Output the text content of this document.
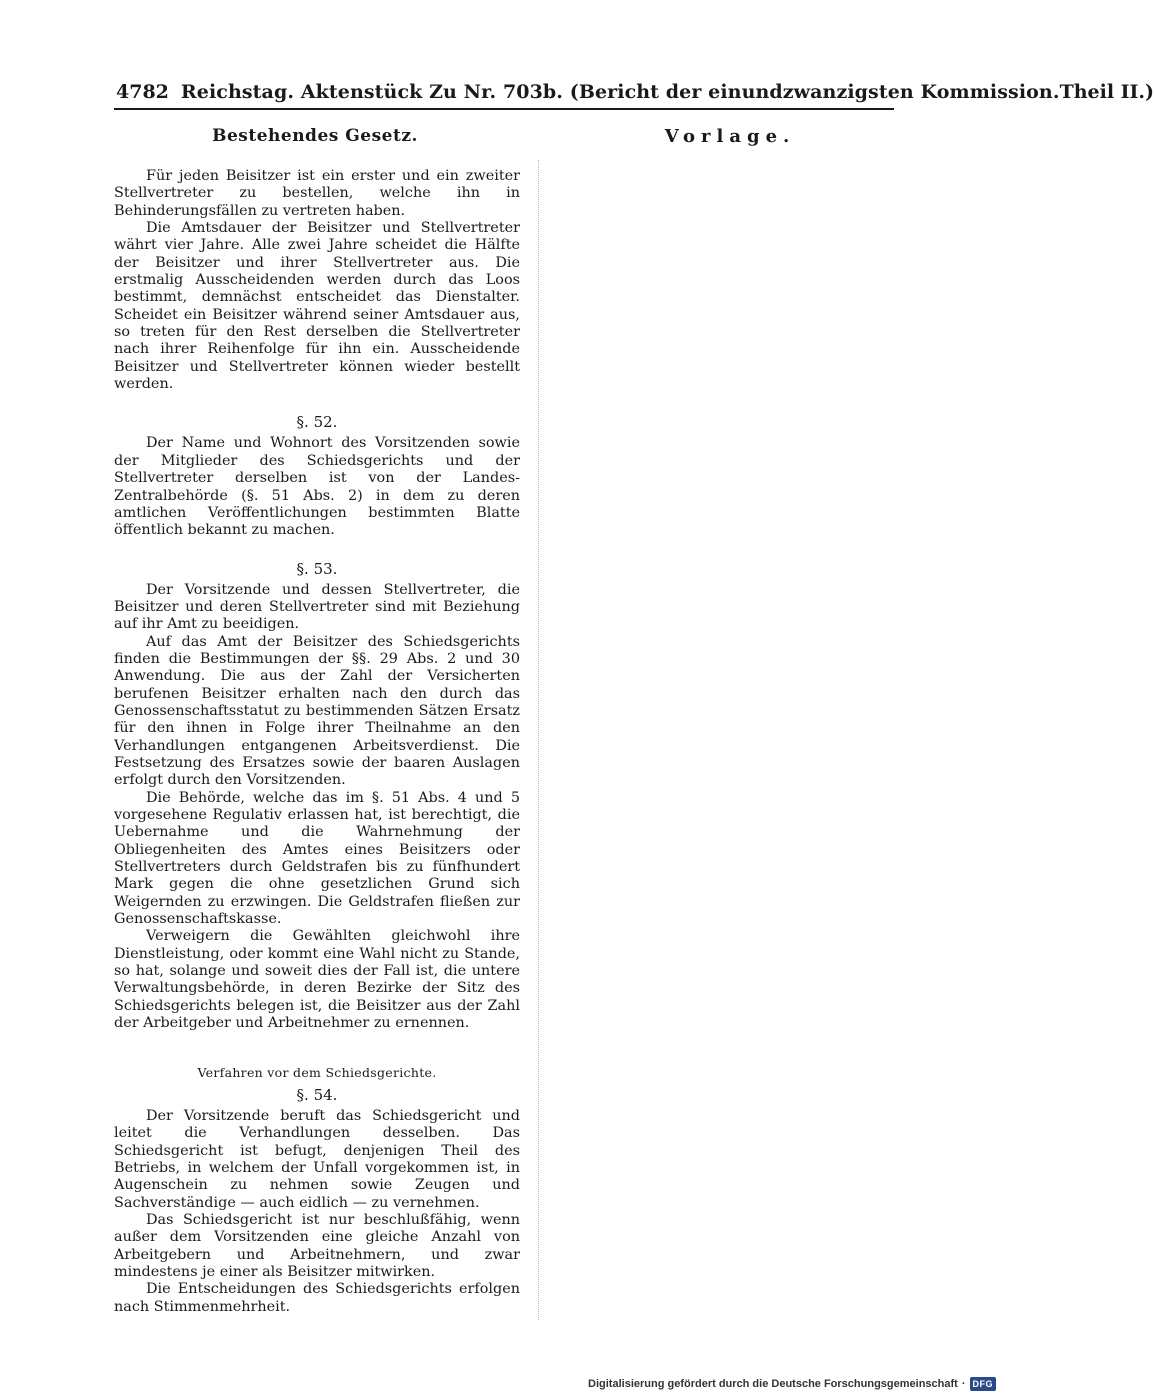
4782 Reichstag. Aktenstück Zu Nr. 703b. (Bericht der einundzwanzigsten Kommission. Theil II.)
Bestehendes Gesetz.	Vorlage.

Für jeden Beisitzer ist ein erster und ein zweiter Stellvertreter zu bestellen, welche ihn in Behinderungsfällen zu vertreten haben.

Die Amtsdauer der Beisitzer und Stellvertreter währt vier Jahre. Alle zwei Jahre scheidet die Hälfte der Beisitzer und ihrer Stellvertreter aus. Die erstmalig Ausscheidenden werden durch das Loos bestimmt, demnächst entscheidet das Dienstalter. Scheidet ein Beisitzer während seiner Amtsdauer aus, so treten für den Rest derselben die Stellvertreter nach ihrer Reihenfolge für ihn ein. Ausscheidende Beisitzer und Stellvertreter können wieder bestellt werden.

§. 52.

Der Name und Wohnort des Vorsitzenden sowie der Mitglieder des Schiedsgerichts und der Stellvertreter derselben ist von der Landes-Zentralbehörde (§. 51 Abs. 2) in dem zu deren amtlichen Veröffentlichungen bestimmten Blatte öffentlich bekannt zu machen.

§. 53.

Der Vorsitzende und dessen Stellvertreter, die Beisitzer und deren Stellvertreter sind mit Beziehung auf ihr Amt zu beeidigen.

Auf das Amt der Beisitzer des Schiedsgerichts finden die Bestimmungen der §§. 29 Abs. 2 und 30 Anwendung. Die aus der Zahl der Versicherten berufenen Beisitzer erhalten nach den durch das Genossenschaftsstatut zu bestimmenden Sätzen Ersatz für den ihnen in Folge ihrer Theilnahme an den Verhandlungen entgangenen Arbeitsverdienst. Die Festsetzung des Ersatzes sowie der baaren Auslagen erfolgt durch den Vorsitzenden.

Die Behörde, welche das im §. 51 Abs. 4 und 5 vorgesehene Regulativ erlassen hat, ist berechtigt, die Uebernahme und die Wahrnehmung der Obliegenheiten des Amtes eines Beisitzers oder Stellvertreters durch Geldstrafen bis zu fünfhundert Mark gegen die ohne gesetzlichen Grund sich Weigernden zu erzwingen. Die Geldstrafen fließen zur Genossenschaftskasse.

Verweigern die Gewählten gleichwohl ihre Dienstleistung, oder kommt eine Wahl nicht zu Stande, so hat, solange und soweit dies der Fall ist, die untere Verwaltungsbehörde, in deren Bezirke der Sitz des Schiedsgerichts belegen ist, die Beisitzer aus der Zahl der Arbeitgeber und Arbeitnehmer zu ernennen.

Verfahren vor dem Schiedsgerichte.

§. 54.

Der Vorsitzende beruft das Schiedsgericht und leitet die Verhandlungen desselben. Das Schiedsgericht ist befugt, denjenigen Theil des Betriebs, in welchem der Unfall vorgekommen ist, in Augenschein zu nehmen sowie Zeugen und Sachverständige — auch eidlich — zu vernehmen.

Das Schiedsgericht ist nur beschlußfähig, wenn außer dem Vorsitzenden eine gleiche Anzahl von Arbeitgebern und Arbeitnehmern, und zwar mindestens je einer als Beisitzer mitwirken.

Die Entscheidungen des Schiedsgerichts erfolgen nach Stimmenmehrheit.

Digitalisierung gefördert durch die Deutsche Forschungsgemeinschaft · DFG
